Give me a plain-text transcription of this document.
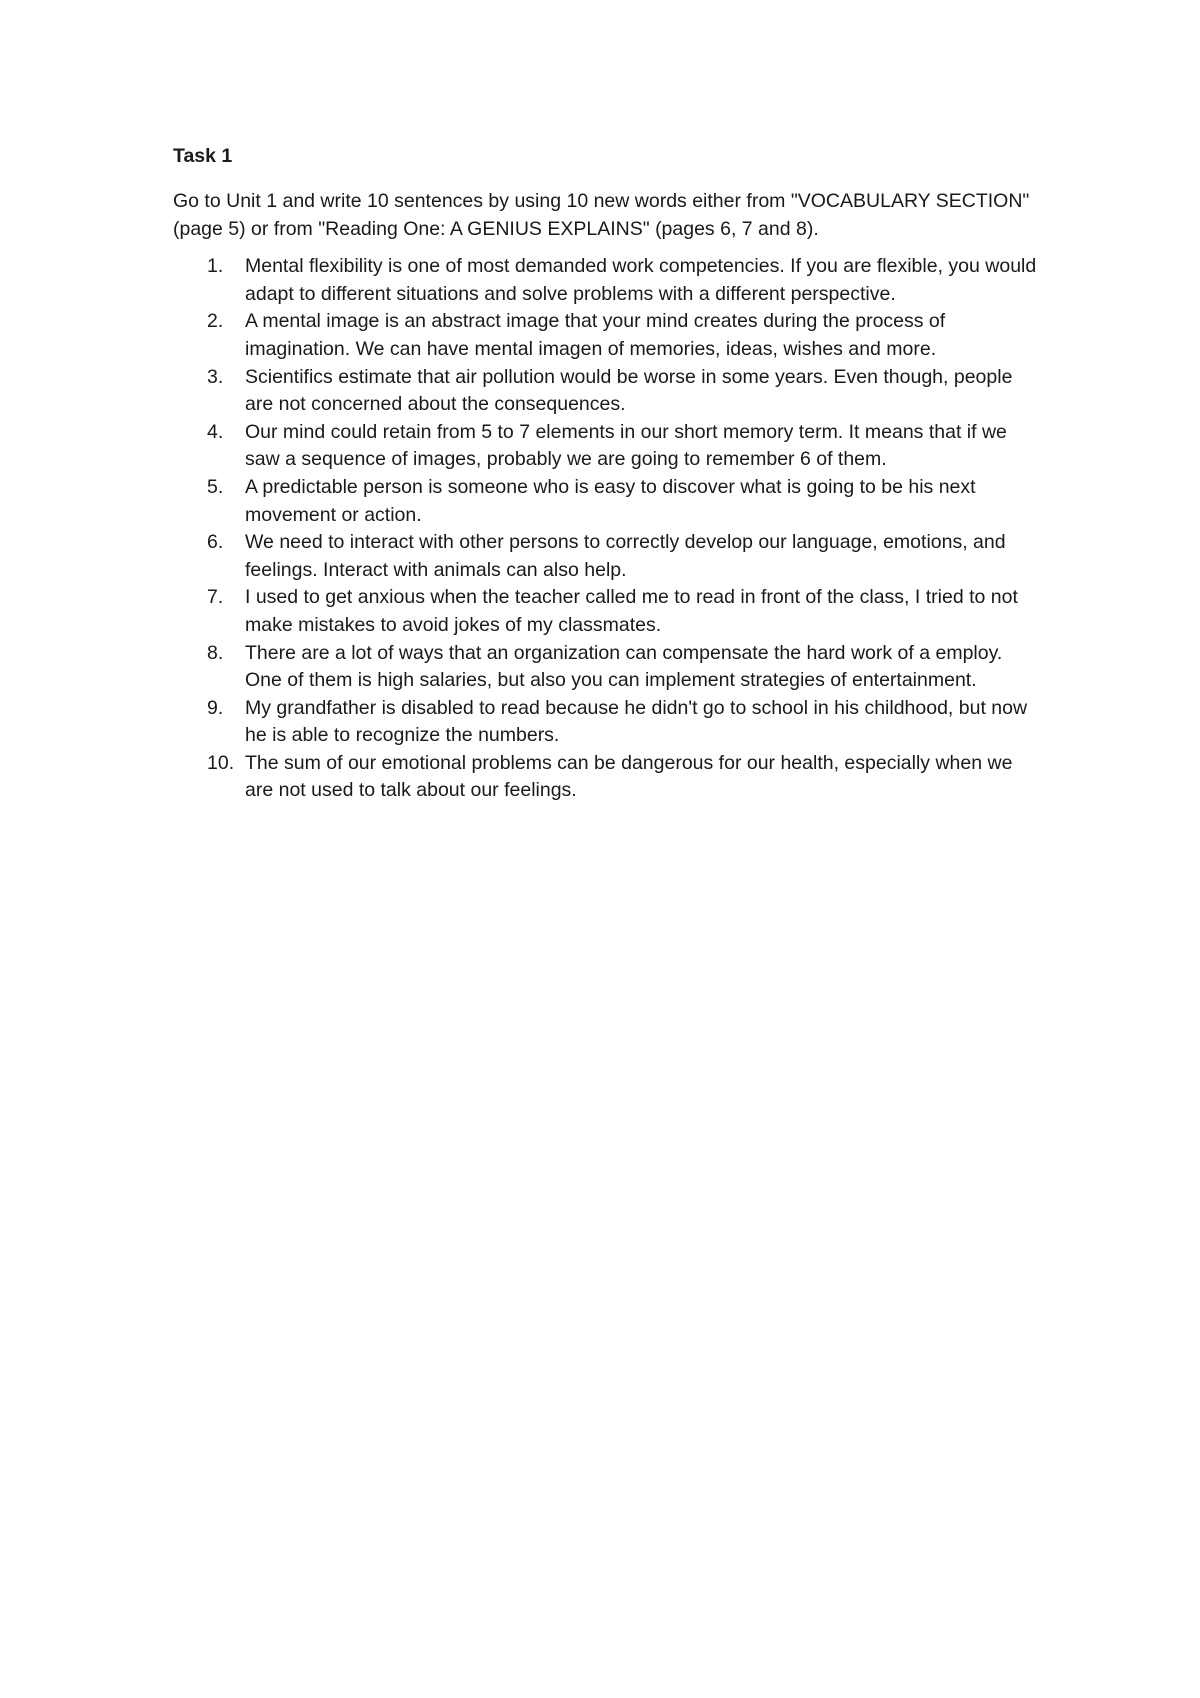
Task 1

Go to Unit 1 and write 10 sentences by using 10 new words either from "VOCABULARY SECTION" (page 5) or from "Reading One: A GENIUS EXPLAINS" (pages 6, 7 and 8).

1.	Mental flexibility is one of most demanded work competencies. If you are flexible, you would adapt to different situations and solve problems with a different perspective.
2.	A mental image is an abstract image that your mind creates during the process of imagination. We can have mental imagen of memories, ideas, wishes and more.
3.	Scientifics estimate that air pollution would be worse in some years. Even though, people are not concerned about the consequences.
4.	Our mind could retain from 5 to 7 elements in our short memory term. It means that if we saw a sequence of images, probably we are going to remember 6 of them.
5.	A predictable person is someone who is easy to discover what is going to be his next movement or action.
6.	We need to interact with other persons to correctly develop our language, emotions, and feelings. Interact with animals can also help.
7.	I used to get anxious when the teacher called me to read in front of the class, I tried to not make mistakes to avoid jokes of my classmates.
8.	There are a lot of ways that an organization can compensate the hard work of a employ. One of them is high salaries, but also you can implement strategies of entertainment.
9.	My grandfather is disabled to read because he didn't go to school in his childhood, but now he is able to recognize the numbers.
10. The sum of our emotional problems can be dangerous for our health, especially when we are not used to talk about our feelings.
